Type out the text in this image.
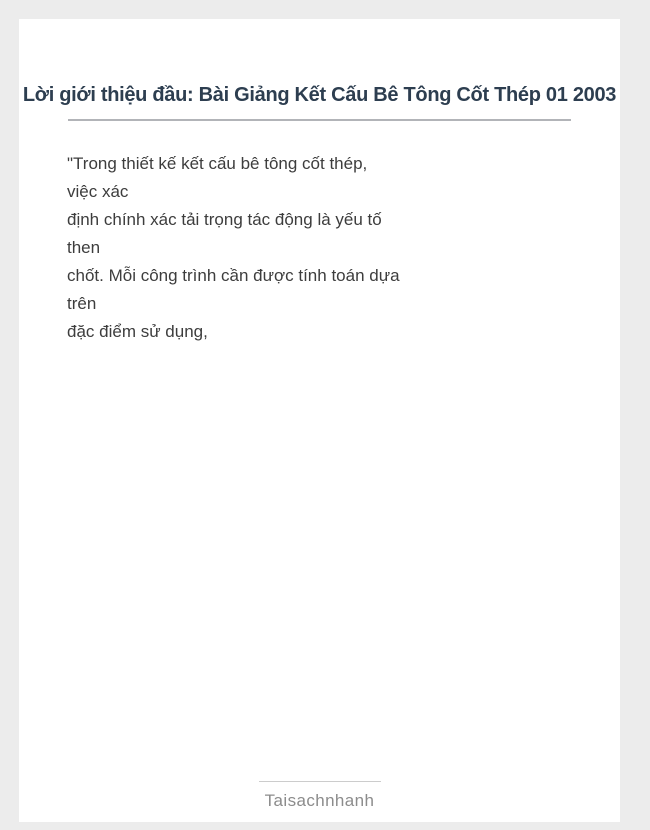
Lời giới thiệu đầu: Bài Giảng Kết Cấu Bê Tông Cốt Thép 01 2003
"Trong thiết kế kết cấu bê tông cốt thép,
việc xác
định chính xác tải trọng tác động là yếu tố
then
chốt. Mỗi công trình cần được tính toán dựa
trên
đặc điểm sử dụng,
Taisachnhanh
